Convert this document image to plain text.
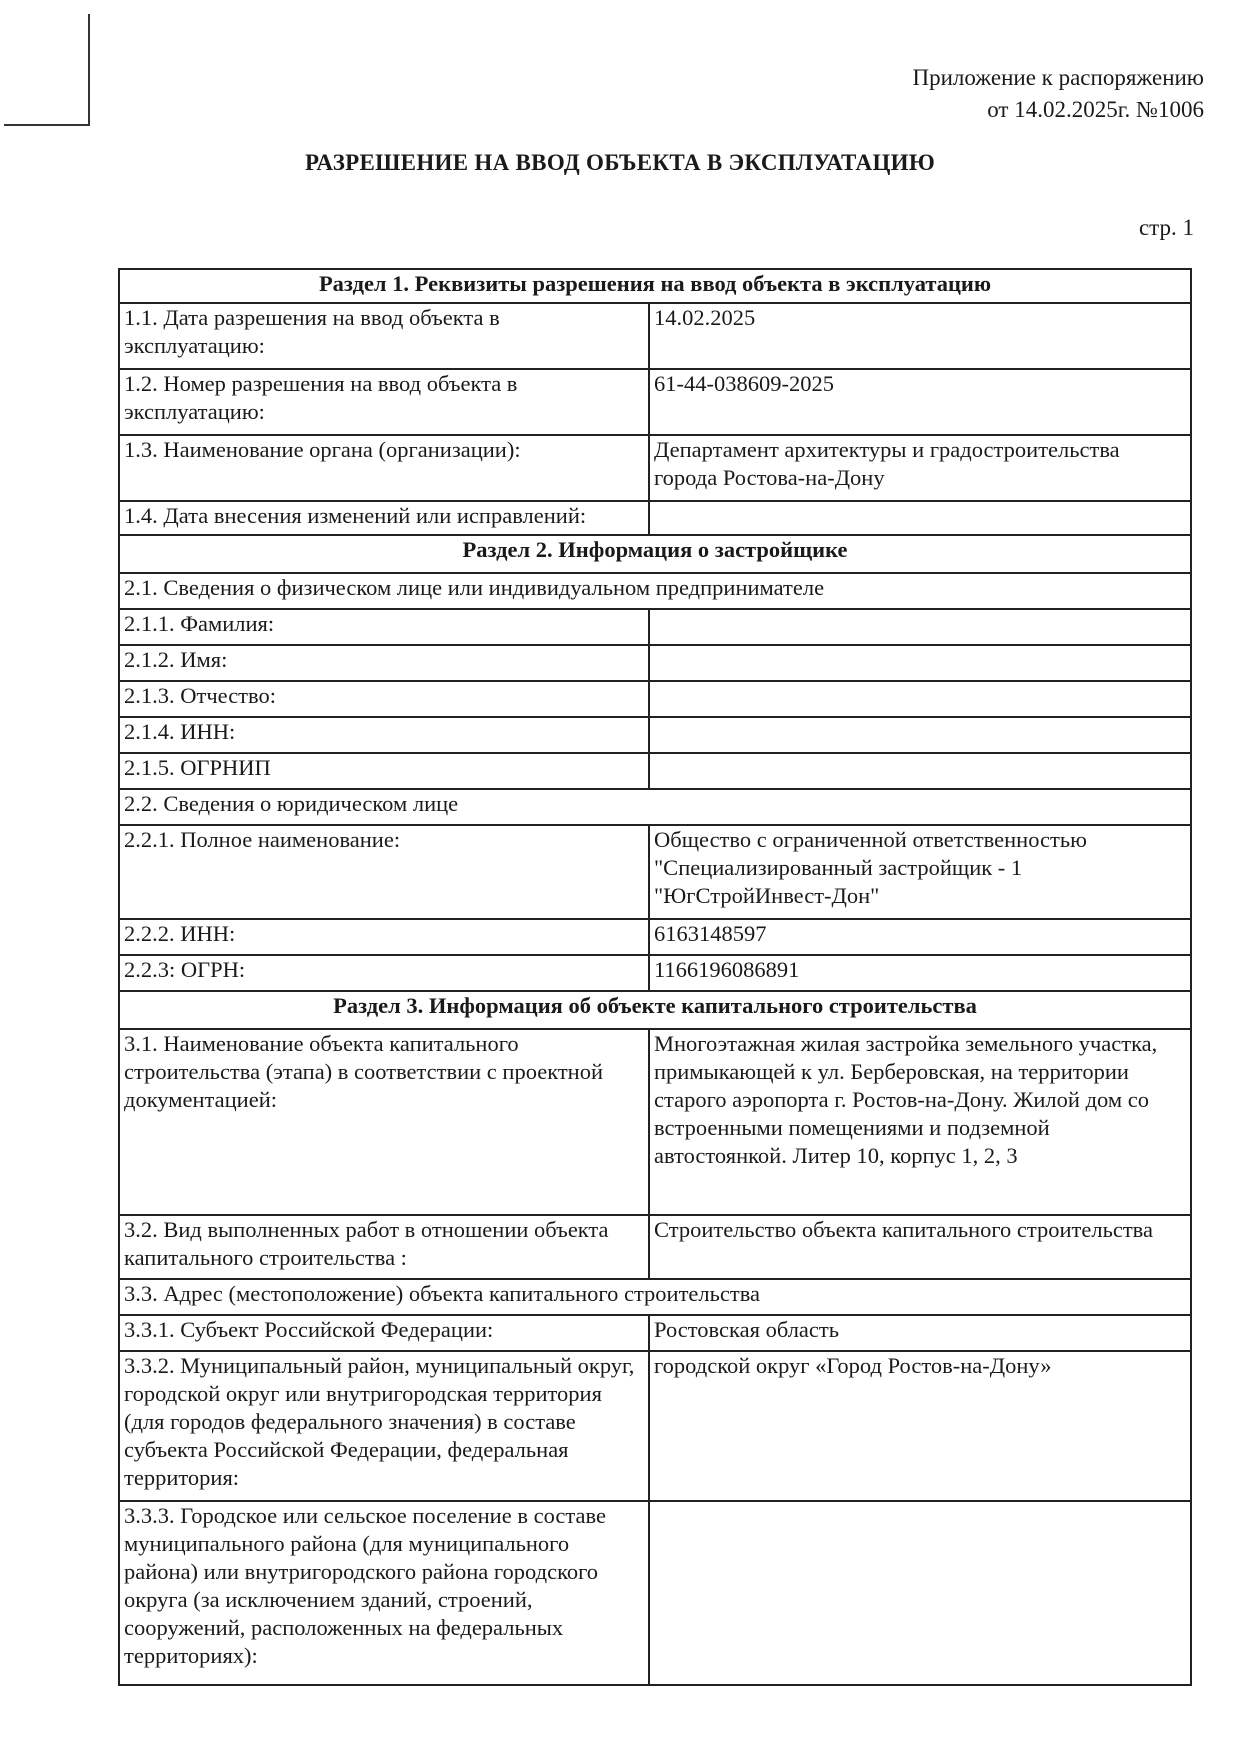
Приложение к распоряжению
от 14.02.2025г. №1006
РАЗРЕШЕНИЕ НА ВВОД ОБЪЕКТА В ЭКСПЛУАТАЦИЮ
стр. 1
Раздел 1. Реквизиты разрешения на ввод объекта в эксплуатацию	
1.1. Дата разрешения на ввод объекта в эксплуатацию:	14.02.2025
1.2. Номер разрешения на ввод объекта в эксплуатацию:	61-44-038609-2025
1.3. Наименование органа (организации):	Департамент архитектуры и градостроительства города Ростова-на-Дону
1.4. Дата внесения изменений или исправлений:	
Раздел 2. Информация о застройщике	
2.1. Сведения о физическом лице или индивидуальном предпринимателе	
2.1.1. Фамилия:	
2.1.2. Имя:	
2.1.3. Отчество:	
2.1.4. ИНН:	
2.1.5. ОГРНИП	
2.2. Сведения о юридическом лице	
2.2.1. Полное наименование:	Общество с ограниченной ответственностью "Специализированный застройщик - 1 "ЮгСтройИнвест-Дон"
2.2.2. ИНН:	6163148597
2.2.3: ОГРН:	1166196086891
Раздел 3. Информация об объекте капитального строительства	
3.1. Наименование объекта капитального строительства (этапа) в соответствии с проектной документацией:	Многоэтажная жилая застройка земельного участка, примыкающей к ул. Берберовская, на территории старого аэропорта г. Ростов-на-Дону. Жилой дом со встроенными помещениями и подземной автостоянкой. Литер 10, корпус 1, 2, 3
3.2. Вид выполненных работ в отношении объекта капитального строительства :	Строительство объекта капитального строительства
3.3. Адрес (местоположение) объекта капитального строительства	
3.3.1. Субъект Российской Федерации:	Ростовская область
3.3.2. Муниципальный район, муниципальный округ, городской округ или внутригородская территория (для городов федерального значения) в составе субъекта Российской Федерации, федеральная территория:	городской округ «Город Ростов-на-Дону»
3.3.3. Городское или сельское поселение в составе муниципального района (для муниципального района) или внутригородского района городского округа (за исключением зданий, строений, сооружений, расположенных на федеральных территориях):	
